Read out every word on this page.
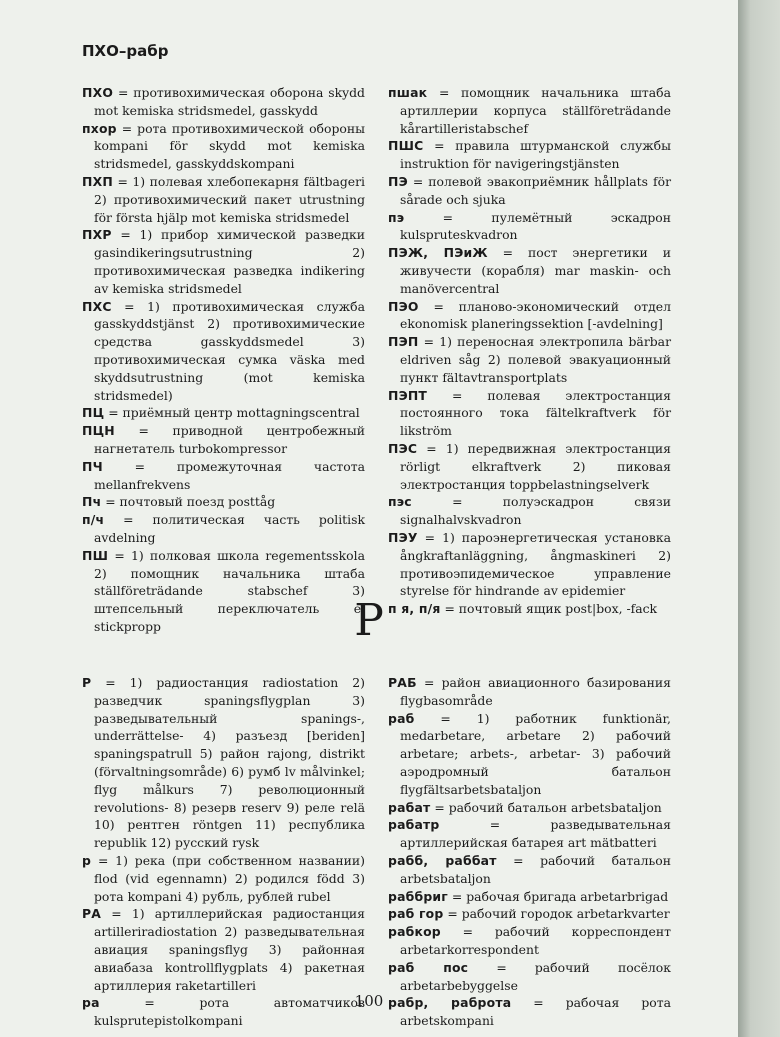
ПХО–рабр
ПХО = противохимическая оборона skydd mot kemiska stridsmedel, gasskydd
пхор = рота противохимической обороны kompani för skydd mot kemiska stridsmedel, gasskyddskompani
ПХП = 1) полевая хлебопекарня fältbageri 2) противохимический пакет utrustning för första hjälp mot kemiska stridsmedel
ПХР = 1) прибор химической разведки gasindikeringsutrustning 2) противохимическая разведка indikering av kemiska stridsmedel
ПХС = 1) противохимическая служба gasskyddstjänst 2) противохимические средства gasskyddsmedel 3) противохимическая сумка väska med skyddsutrustning (mot kemiska stridsmedel)
ПЦ = приёмный центр mottagningscentral
ПЦН = приводной центробежный нагнетатель turbokompressor
ПЧ = промежуточная частота mellanfrekvens
Пч = почтовый поезд posttåg
п/ч = политическая часть politisk avdelning
ПШ = 1) полковая школа regementsskola 2) помощник начальника штаба ställföreträdande stabschef 3) штепсельный переключатель el stickpropp
пшак = помощник начальника штаба артиллерии корпуса ställföreträdande kårartilleristabschef
ПШС = правила штурманской службы instruktion för navigeringstjänsten
ПЭ = полевой эвакоприёмник hållplats för sårade och sjuka
пэ = пулемётный эскадрон kulspruteskvadron
ПЭЖ, ПЭиЖ = пост энергетики и живучести (корабля) mar maskin- och manövercentral
ПЭО = планово-экономический отдел ekonomisk planeringssektion [-avdelning]
ПЭП = 1) переносная электропила bärbar eldriven såg 2) полевой эвакуационный пункт fältavtransportplats
ПЭПТ = полевая электростанция постоянного тока fältelkraftverk för likström
ПЭС = 1) передвижная электростанция rörligt elkraftverk 2) пиковая электростанция toppbelastningselverk
пэс = полуэскадрон связи signalhalvskvadron
ПЭУ = 1) пароэнергетическая установка ångkraftanläggning, ångmaskineri 2) противоэпидемическое управление styrelse för hindrande av epidemier
п я, п/я = почтовый ящик post|box, -fack
Р
Р = 1) радиостанция radiostation 2) разведчик spaningsflygplan 3) разведывательный spanings-, underrättelse- 4) разъезд [beriden] spaningspatrull 5) район rajong, distrikt (förvaltningsområde) 6) румб lv målvinkel; flyg målkurs 7) революционный revolutions- 8) резерв reserv 9) реле relä 10) рентген röntgen 11) республика republik 12) русский rysk
р = 1) река (при собственном названии) flod (vid egennamn) 2) родился född 3) рота kompani 4) рубль, рублей rubel
РА = 1) артиллерийская радиостанция artilleriradiostation 2) разведывательная авиация spaningsflyg 3) районная авиабаза kontrollflygplats 4) ракетная артиллерия raketartilleri
ра = рота автоматчиков kulsprutepistolkompani
РАБ = район авиационного базирования flygbasområde
раб = 1) работник funktionär, medarbetare, arbetare 2) рабочий arbetare; arbets-, arbetar- 3) рабочий аэродромный батальон flygfältsarbetsbataljon
рабат = рабочий батальон arbetsbataljon
рабатр = разведывательная артиллерийская батарея art mätbatteri
рабб, раббат = рабочий батальон arbetsbataljon
раббриг = рабочая бригада arbetarbrigad
раб гор = рабочий городок arbetarkvarter
рабкор = рабочий корреспондент arbetarkorrespondent
раб пос = рабочий посёлок arbetarbebyggelse
рабр, раброта = рабочая рота arbetskompani
100
